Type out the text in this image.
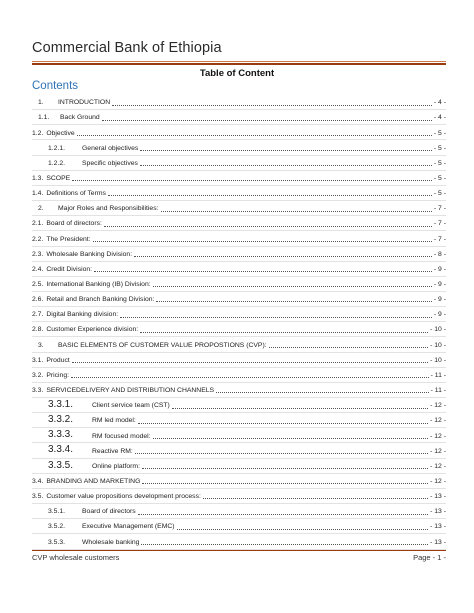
Commercial Bank of Ethiopia
Table of Content
Contents
1.	INTRODUCTION	- 4 -
1.1.	Back Ground	- 4 -
1.2. Objective	- 5 -
1.2.1.	General objectives	- 5 -
1.2.2.	Specific objectives	- 5 -
1.3. SCOPE	- 5 -
1.4. Definitions of Terms	- 5 -
2.	Major Roles and Responsibilities:	- 7 -
2.1. Board of directors:	- 7 -
2.2. The President:	- 7 -
2.3. Wholesale Banking Division:	- 8 -
2.4. Credit Division:	- 9 -
2.5. International Banking (IB) Division:	- 9 -
2.6. Retail and Branch Banking Division:	- 9 -
2.7. Digital Banking division:	- 9 -
2.8. Customer Experience division:	- 10 -
3.	BASIC ELEMENTS OF CUSTOMER VALUE PROPOSTIONS (CVP):	- 10 -
3.1. Product	- 10 -
3.2. Pricing:	- 11 -
3.3. SERVICEDELIVERY AND DISTRIBUTION CHANNELS	- 11 -
3.3.1.	Client service team (CST)	- 12 -
3.3.2.	RM led model:	- 12 -
3.3.3.	RM focused model:	- 12 -
3.3.4.	Reactive RM:	- 12 -
3.3.5.	Online platform:	- 12 -
3.4. BRANDING AND MARKETING	- 12 -
3.5. Customer value propositions development process:	- 13 -
3.5.1.	Board of directors	- 13 -
3.5.2.	Executive Management (EMC)	- 13 -
3.5.3.	Wholesale banking	- 13 -
CVP wholesale customers	Page - 1 -
